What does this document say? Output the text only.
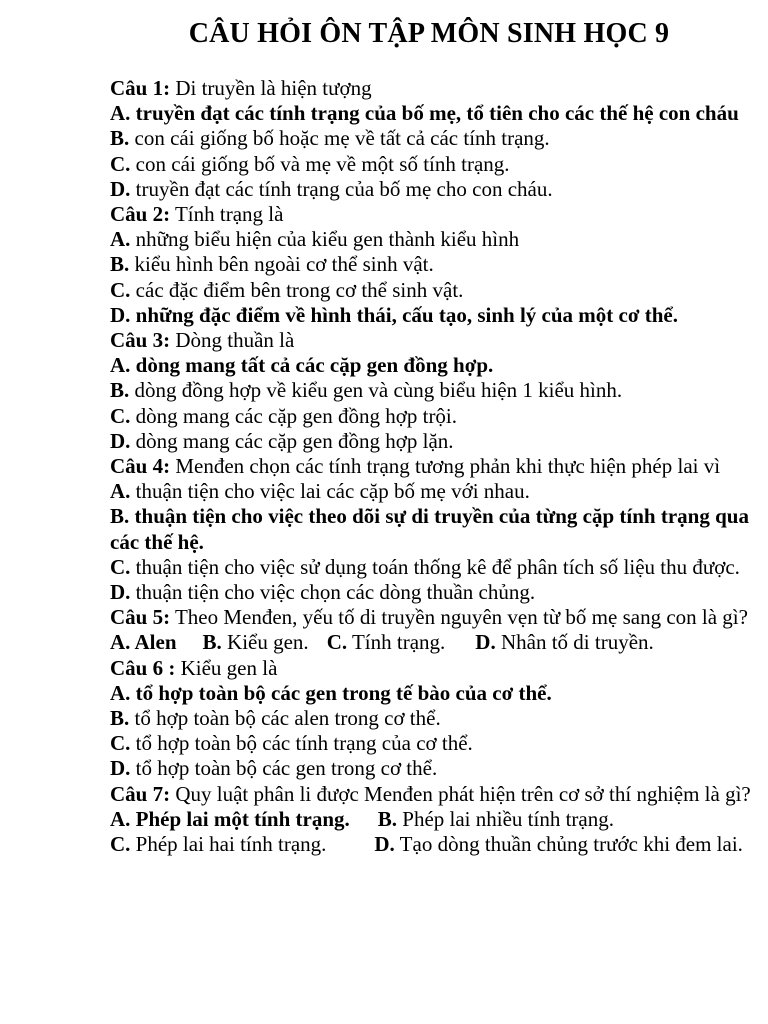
CÂU HỎI ÔN TẬP MÔN SINH HỌC 9

Câu 1: Di truyền là hiện tượng

A. truyền đạt các tính trạng của bố mẹ, tổ tiên cho các thế hệ con cháu

B. con cái giống bố hoặc mẹ về tất cả các tính trạng.

C. con cái giống bố và mẹ về một số tính trạng.

D. truyền đạt các tính trạng của bố mẹ cho con cháu.

Câu 2: Tính trạng là

A. những biểu hiện của kiểu gen thành kiểu hình

B. kiểu hình bên ngoài cơ thể sinh vật.

C. các đặc điểm bên trong cơ thể sinh vật.

D. những đặc điểm về hình thái, cấu tạo, sinh lý của một cơ thể.

Câu 3: Dòng thuần là

A. dòng mang tất cả các cặp gen đồng hợp.

B. dòng đồng hợp về kiểu gen và cùng biểu hiện 1 kiểu hình.

C. dòng mang các cặp gen đồng hợp trội.

D. dòng mang các cặp gen đồng hợp lặn.

Câu 4: Menđen chọn các tính trạng tương phản khi thực hiện phép lai vì

A. thuận tiện cho việc lai các cặp bố mẹ với nhau.

B. thuận tiện cho việc theo dõi sự di truyền của từng cặp tính trạng qua các thế hệ.

C. thuận tiện cho việc sử dụng toán thống kê để phân tích số liệu thu được.

D. thuận tiện cho việc chọn các dòng thuần chủng.

Câu 5: Theo Menđen, yếu tố di truyền nguyên vẹn từ bố mẹ sang con là gì?

A. Alen B. Kiểu gen. C. Tính trạng. D. Nhân tố di truyền.

Câu 6 : Kiểu gen là

A. tổ hợp toàn bộ các gen trong tế bào của cơ thể.

B. tổ hợp toàn bộ các alen trong cơ thể.

C. tổ hợp toàn bộ các tính trạng của cơ thể.

D. tổ hợp toàn bộ các gen trong cơ thể.

Câu 7: Quy luật phân li được Menđen phát hiện trên cơ sở thí nghiệm là gì?

A. Phép lai một tính trạng. B. Phép lai nhiều tính trạng.

C. Phép lai hai tính trạng. D. Tạo dòng thuần chủng trước khi đem lai.
